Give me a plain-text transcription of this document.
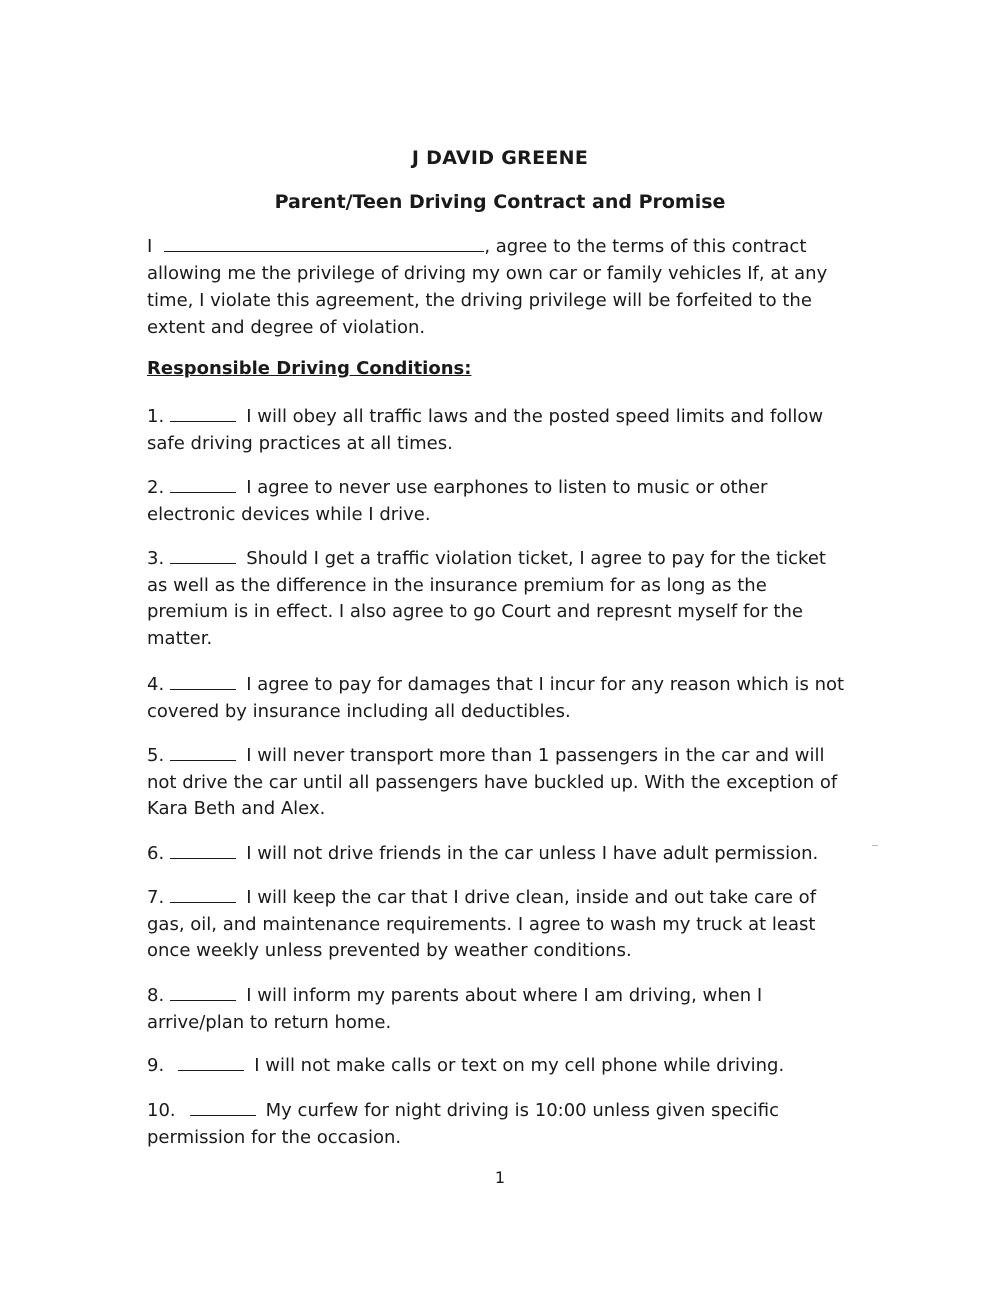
J DAVID GREENE
Parent/Teen Driving Contract and Promise
I	, agree to the terms of this contract allowing me the privilege of driving my own car or family vehicles If, at any time, I violate this agreement, the driving privilege will be forfeited to the extent and degree of violation.
Responsible Driving Conditions:
1.	I will obey all traffic laws and the posted speed limits and follow safe driving practices at all times.
2.	I agree to never use earphones to listen to music or other electronic devices while I drive.
3.	Should I get a traffic violation ticket, I agree to pay for the ticket as well as the difference in the insurance premium for as long as the premium is in effect. I also agree to go Court and represnt myself for the matter.
4.	I agree to pay for damages that I incur for any reason which is not covered by insurance including all deductibles.
5.	I will never transport more than 1 passengers in the car and will not drive the car until all passengers have buckled up. With the exception of Kara Beth and Alex.
6.	I will not drive friends in the car unless I have adult permission.
7.	I will keep the car that I drive clean, inside and out take care of gas, oil, and maintenance requirements. I agree to wash my truck at least once weekly unless prevented by weather conditions.
8.	I will inform my parents about where I am driving, when I arrive/plan to return home.
9.	I will not make calls or text on my cell phone while driving.
10.	My curfew for night driving is 10:00 unless given specific permission for the occasion.
1
